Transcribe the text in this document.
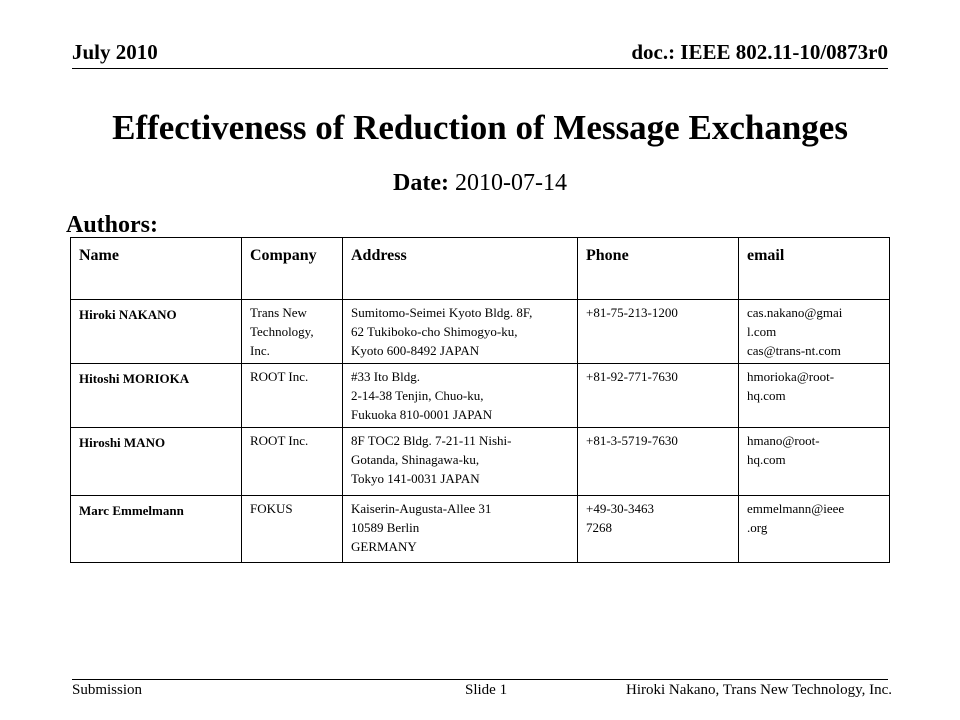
July 2010	doc.: IEEE 802.11-10/0873r0
Effectiveness of Reduction of Message Exchanges
Date: 2010-07-14
Authors:
Name	Company	Address	Phone	email
Hiroki NAKANO	Trans New
Technology,
Inc.	Sumitomo-Seimei Kyoto Bldg. 8F,
62 Tukiboko-cho Shimogyo-ku,
Kyoto 600-8492 JAPAN	+81-75-213-1200	cas.nakano@gmai
l.com
cas@trans-nt.com

Hitoshi MORIOKA	ROOT Inc.	#33 Ito Bldg.
2-14-38 Tenjin, Chuo-ku,
Fukuoka 810-0001 JAPAN	+81-92-771-7630	hmorioka@root-
hq.com

Hiroshi MANO	ROOT Inc.	8F TOC2 Bldg. 7-21-11 Nishi-
Gotanda, Shinagawa-ku,
Tokyo 141-0031 JAPAN	+81-3-5719-7630	hmano@root-
hq.com

Marc Emmelmann	FOKUS	Kaiserin-Augusta-Allee 31
10589 Berlin
GERMANY	+49-30-3463
7268	emmelmann@ieee
.org
Submission	Slide 1	Hiroki Nakano, Trans New Technology, Inc.
